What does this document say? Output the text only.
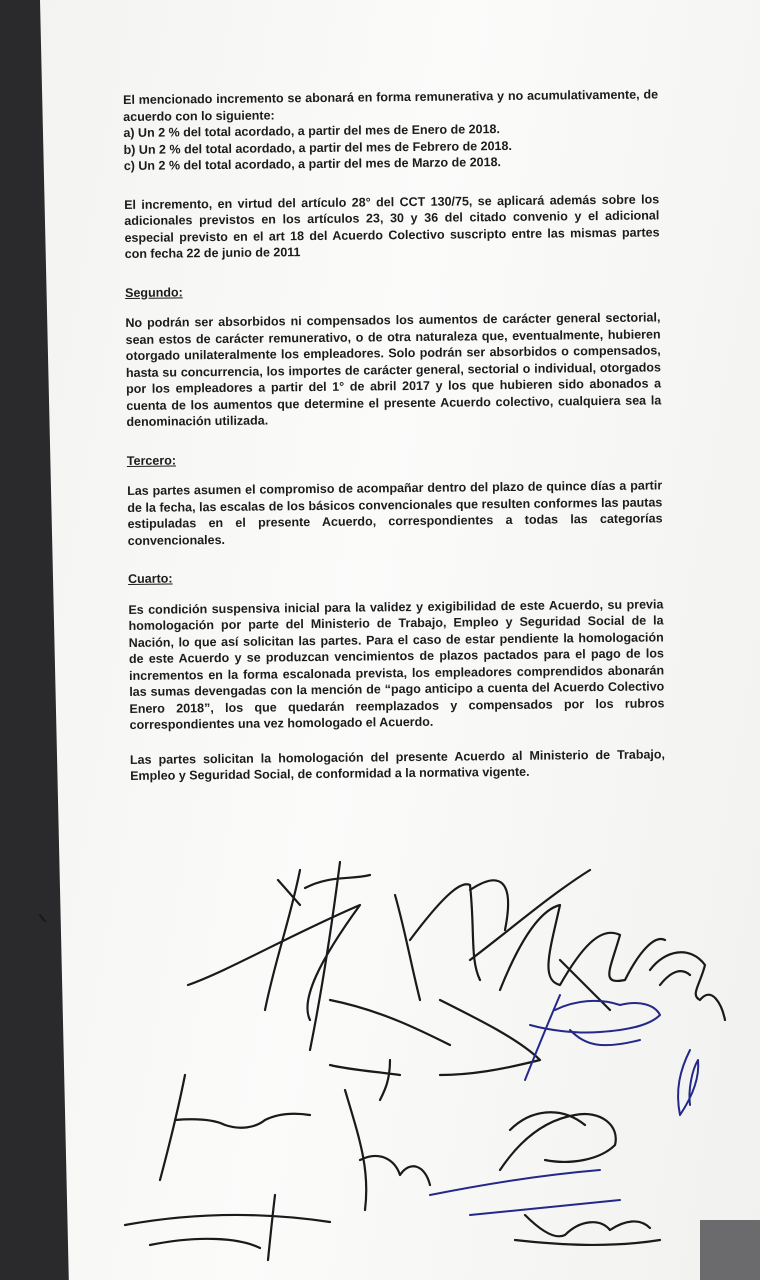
El mencionado incremento se abonará en forma remunerativa y no acumulativamente, de acuerdo con lo siguiente:

a) Un 2 % del total acordado, a partir del mes de Enero de 2018.
b) Un 2 % del total acordado, a partir del mes de Febrero de 2018.
c) Un 2 % del total acordado, a partir del mes de Marzo de 2018.

El incremento, en virtud del artículo 28° del CCT 130/75, se aplicará además sobre los adicionales previstos en los artículos 23, 30 y 36 del citado convenio y el adicional especial previsto en el art 18 del Acuerdo Colectivo suscripto entre las mismas partes con fecha 22 de junio de 2011

Segundo:

No podrán ser absorbidos ni compensados los aumentos de carácter general sectorial, sean estos de carácter remunerativo, o de otra naturaleza que, eventualmente, hubieren otorgado unilateralmente los empleadores. Solo podrán ser absorbidos o compensados, hasta su concurrencia, los importes de carácter general, sectorial o individual, otorgados por los empleadores a partir del 1° de abril 2017 y los que hubieren sido abonados a cuenta de los aumentos que determine el presente Acuerdo colectivo, cualquiera sea la denominación utilizada.

Tercero:

Las partes asumen el compromiso de acompañar dentro del plazo de quince días a partir de la fecha, las escalas de los básicos convencionales que resulten conformes las pautas estipuladas en el presente Acuerdo, correspondientes a todas las categorías convencionales.

Cuarto:

Es condición suspensiva inicial para la validez y exigibilidad de este Acuerdo, su previa homologación por parte del Ministerio de Trabajo, Empleo y Seguridad Social de la Nación, lo que así solicitan las partes. Para el caso de estar pendiente la homologación de este Acuerdo y se produzcan vencimientos de plazos pactados para el pago de los incrementos en la forma escalonada prevista, los empleadores comprendidos abonarán las sumas devengadas con la mención de “pago anticipo a cuenta del Acuerdo Colectivo Enero 2018”, los que quedarán reemplazados y compensados por los rubros correspondientes una vez homologado el Acuerdo.

Las partes solicitan la homologación del presente Acuerdo al Ministerio de Trabajo, Empleo y Seguridad Social, de conformidad a la normativa vigente.
